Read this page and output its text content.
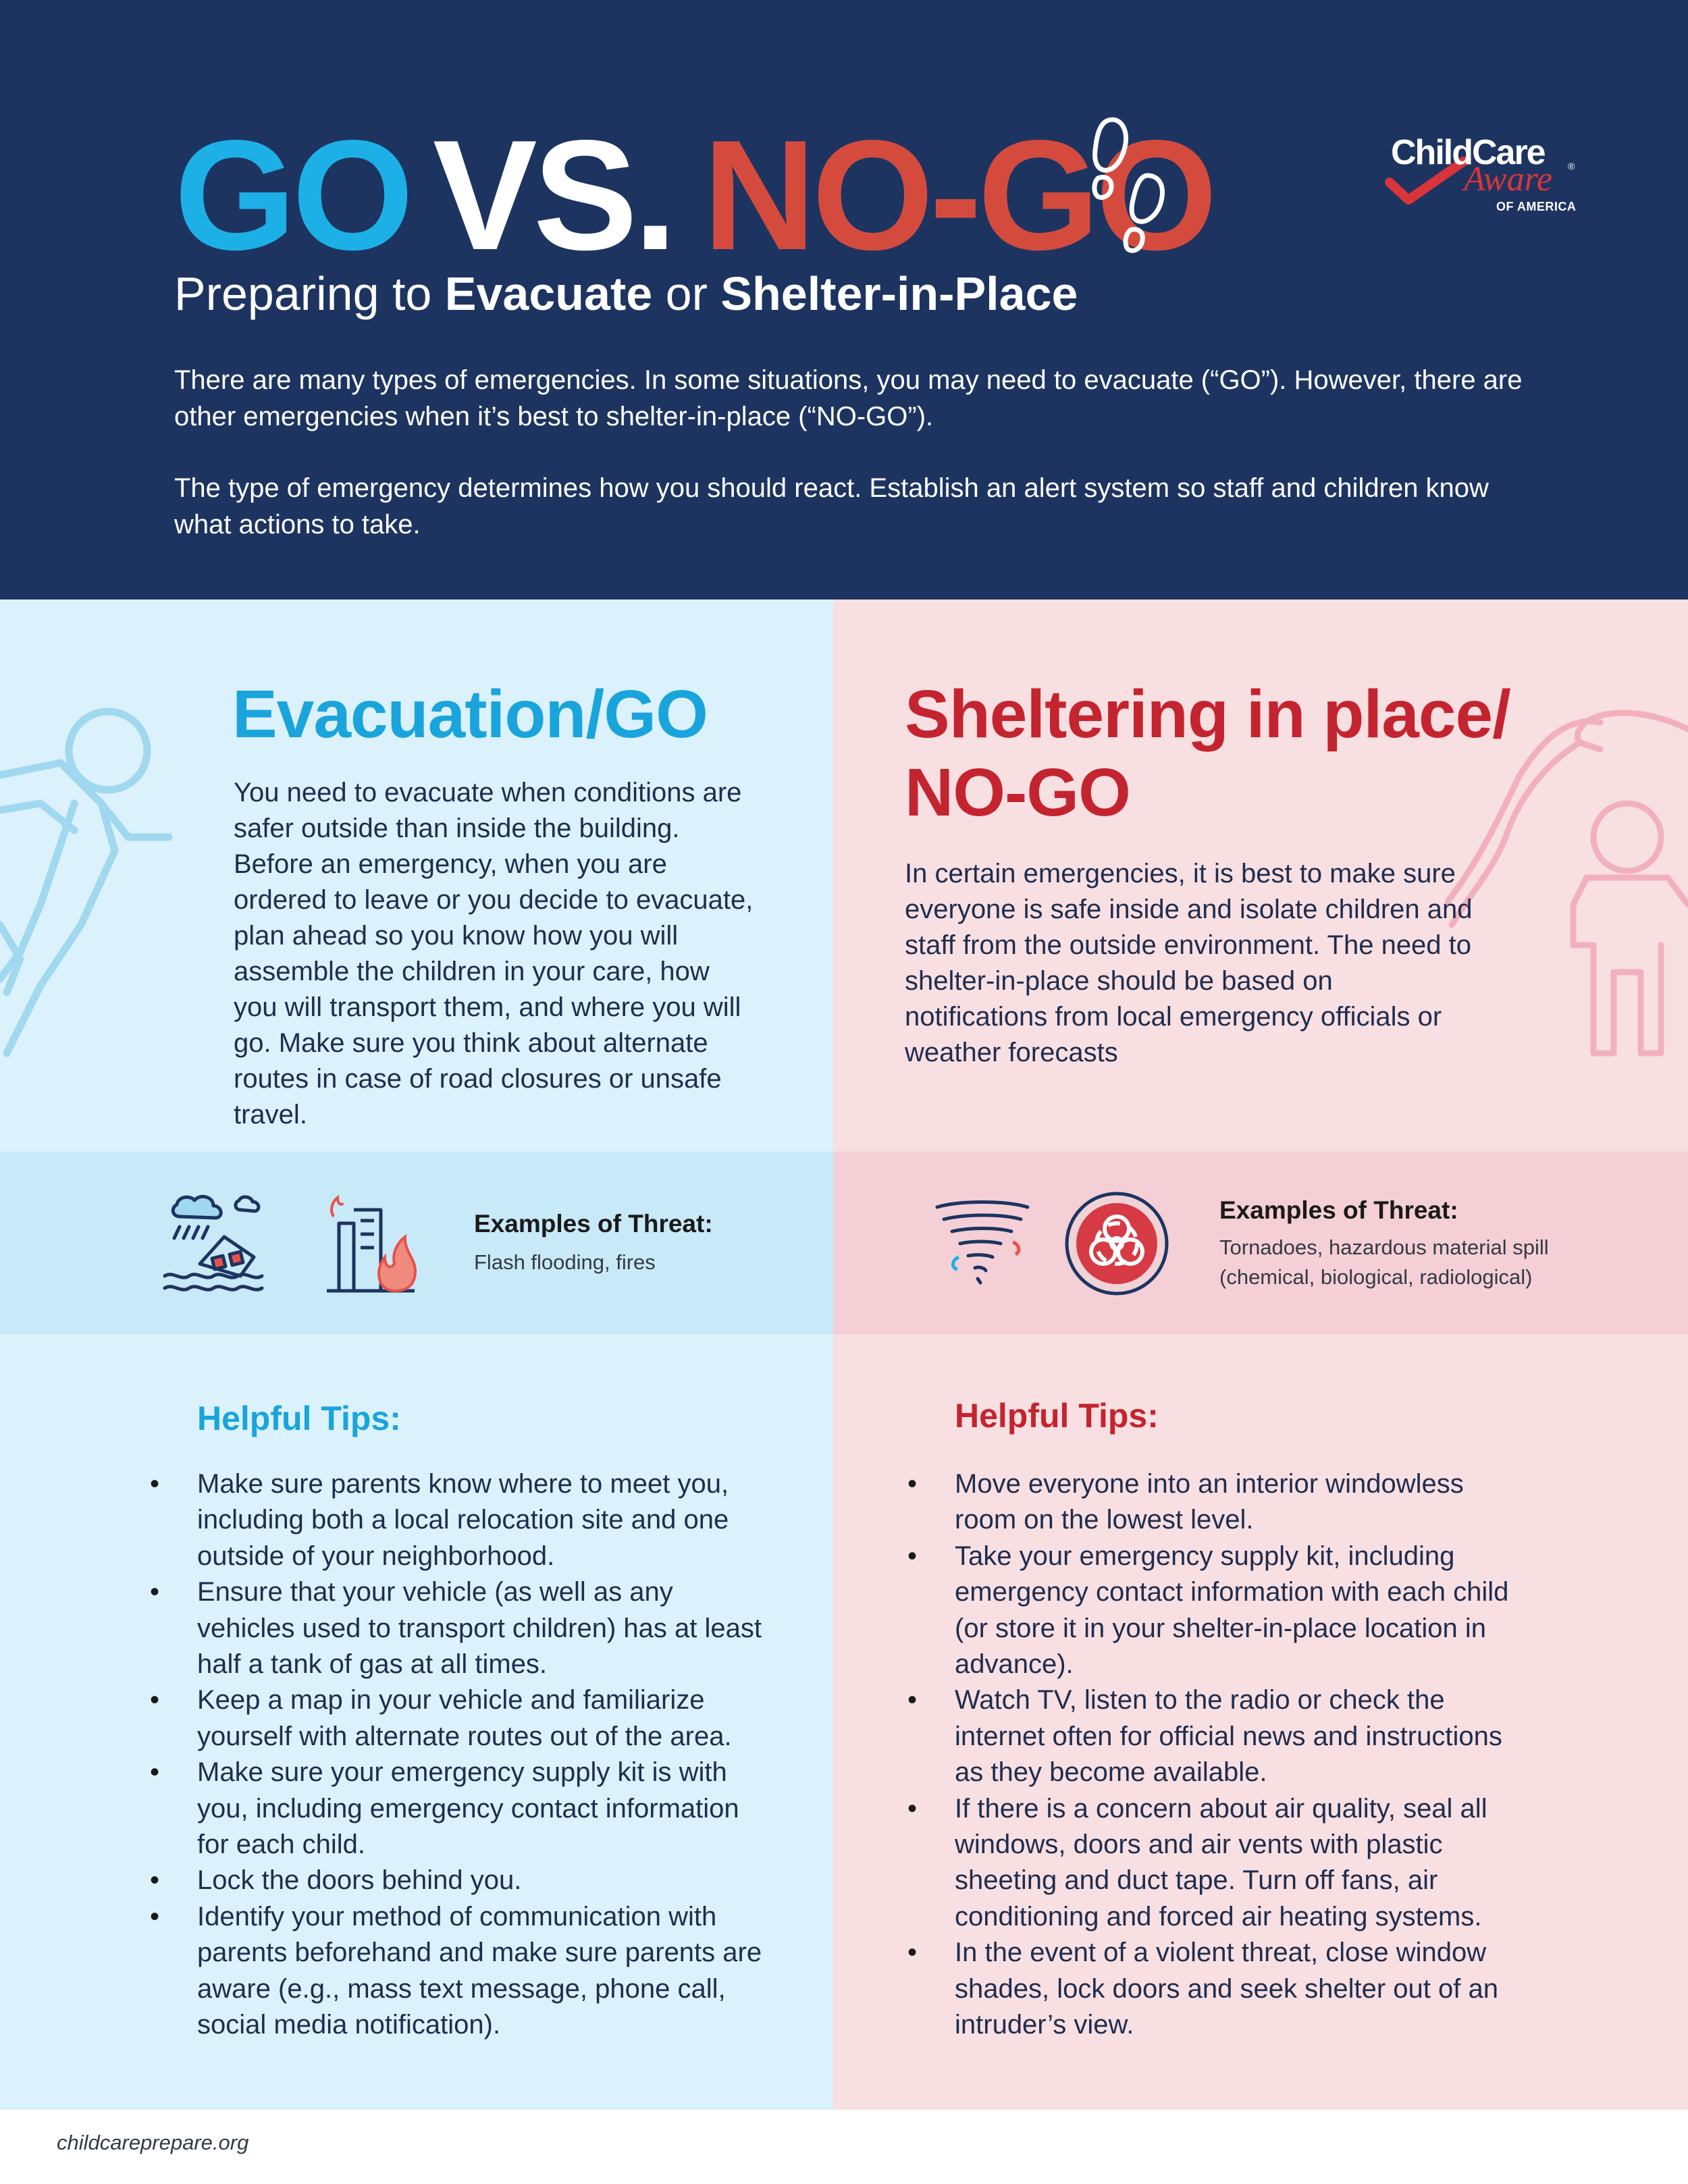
GO VS. NO-GO	ChildCare
Aware ®
OF AMERICA
Preparing to Evacuate or Shelter-in-Place
There are many types of emergencies. In some situations, you may need to evacuate (“GO”). However, there are other emergencies when it’s best to shelter-in-place (“NO-GO”).
The type of emergency determines how you should react. Establish an alert system so staff and children know what actions to take.
Evacuation/GO
You need to evacuate when conditions are safer outside than inside the building. Before an emergency, when you are ordered to leave or you decide to evacuate, plan ahead so you know how you will assemble the children in your care, how you will transport them, and where you will go. Make sure you think about alternate routes in case of road closures or unsafe travel.
Sheltering in place/ NO-GO
In certain emergencies, it is best to make sure everyone is safe inside and isolate children and staff from the outside environment. The need to shelter-in-place should be based on notifications from local emergency officials or weather forecasts
Examples of Threat:
Flash flooding, fires
Examples of Threat:
Tornadoes, hazardous material spill (chemical, biological, radiological)
Helpful Tips:
• Make sure parents know where to meet you, including both a local relocation site and one outside of your neighborhood.
• Ensure that your vehicle (as well as any vehicles used to transport children) has at least half a tank of gas at all times.
• Keep a map in your vehicle and familiarize yourself with alternate routes out of the area.
• Make sure your emergency supply kit is with you, including emergency contact information for each child.
• Lock the doors behind you.
• Identify your method of communication with parents beforehand and make sure parents are aware (e.g., mass text message, phone call, social media notification).
Helpful Tips:
• Move everyone into an interior windowless room on the lowest level.
• Take your emergency supply kit, including emergency contact information with each child (or store it in your shelter-in-place location in advance).
• Watch TV, listen to the radio or check the internet often for official news and instructions as they become available.
• If there is a concern about air quality, seal all windows, doors and air vents with plastic sheeting and duct tape. Turn off fans, air conditioning and forced air heating systems.
• In the event of a violent threat, close window shades, lock doors and seek shelter out of an intruder’s view.
childcareprepare.org
